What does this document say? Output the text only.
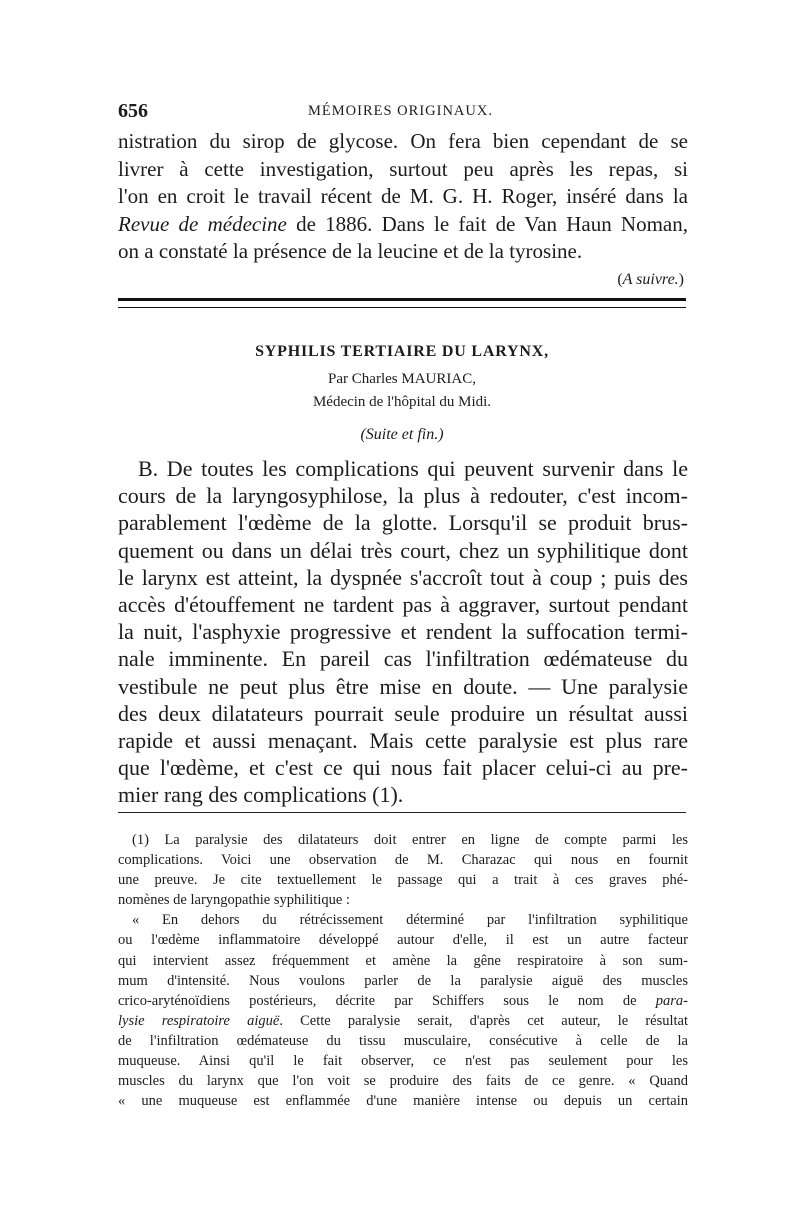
656	MÉMOIRES ORIGINAUX.

nistration du sirop de glycose. On fera bien cependant de se

livrer à cette investigation, surtout peu après les repas, si

l'on en croit le travail récent de M. G. H. Roger, inséré dans la

Revue de médecine de 1886. Dans le fait de Van Haun Noman,

on a constaté la présence de la leucine et de la tyrosine.

(A suivre.)

SYPHILIS TERTIAIRE DU LARYNX,
Par Charles MAURIAC,
Médecin de l'hôpital du Midi.
(Suite et fin.)

B. De toutes les complications qui peuvent survenir dans le

cours de la laryngosyphilose, la plus à redouter, c'est incom-

parablement l'œdème de la glotte. Lorsqu'il se produit brus-

quement ou dans un délai très court, chez un syphilitique dont

le larynx est atteint, la dyspnée s'accroît tout à coup ; puis des

accès d'étouffement ne tardent pas à aggraver, surtout pendant

la nuit, l'asphyxie progressive et rendent la suffocation termi-

nale imminente. En pareil cas l'infiltration œdémateuse du

vestibule ne peut plus être mise en doute. — Une paralysie

des deux dilatateurs pourrait seule produire un résultat aussi

rapide et aussi menaçant. Mais cette paralysie est plus rare

que l'œdème, et c'est ce qui nous fait placer celui-ci au pre-

mier rang des complications (1).

(1) La paralysie des dilatateurs doit entrer en ligne de compte parmi les

complications. Voici une observation de M. Charazac qui nous en fournit

une preuve. Je cite textuellement le passage qui a trait à ces graves phé-

nomènes de laryngopathie syphilitique :

« En dehors du rétrécissement déterminé par l'infiltration syphilitique

ou l'œdème inflammatoire développé autour d'elle, il est un autre facteur

qui intervient assez fréquemment et amène la gêne respiratoire à son sum-

mum d'intensité. Nous voulons parler de la paralysie aiguë des muscles

crico-aryténoïdiens postérieurs, décrite par Schiffers sous le nom de para-

lysie respiratoire aiguë. Cette paralysie serait, d'après cet auteur, le résultat

de l'infiltration œdémateuse du tissu musculaire, consécutive à celle de la

muqueuse. Ainsi qu'il le fait observer, ce n'est pas seulement pour les

muscles du larynx que l'on voit se produire des faits de ce genre. « Quand

« une muqueuse est enflammée d'une manière intense ou depuis un certain
